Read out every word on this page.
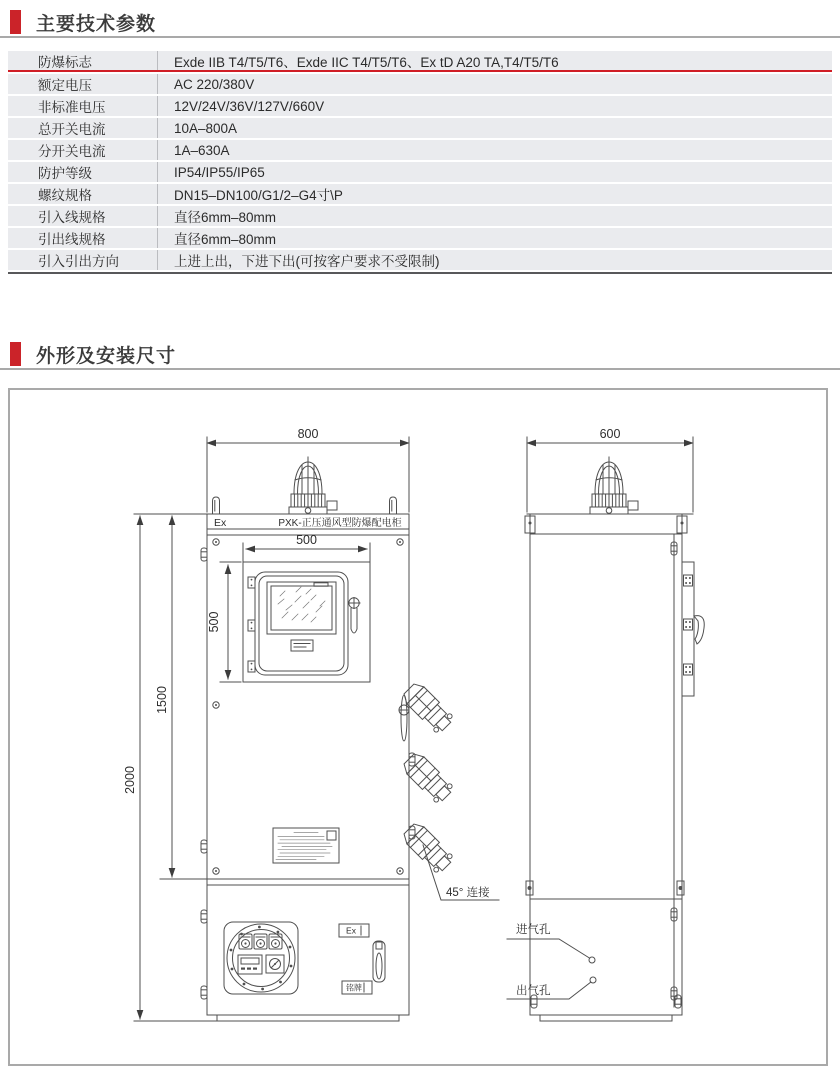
主要技术参数
防爆标志	Exde IIB T4/T5/T6、Exde IIC T4/T5/T6、Ex tD A20 TA,T4/T5/T6
额定电压	AC 220/380V
非标准电压	12V/24V/36V/127V/660V
总开关电流	10A–800A
分开关电流	1A–630A
防护等级	IP54/IP55/IP65
螺纹规格	DN15–DN100/G1/2–G4寸\P
引入线规格	直径6mm–80mm
引出线规格	直径6mm–80mm
引入引出方向	上进上出，下进下出(可按客户要求不受限制)
外形及安装尺寸
800	600
500
500
1500
2000
Ex	PXK-正压通风型防爆配电柜
45° 连接
进气孔
出气孔
Ex
铭牌
